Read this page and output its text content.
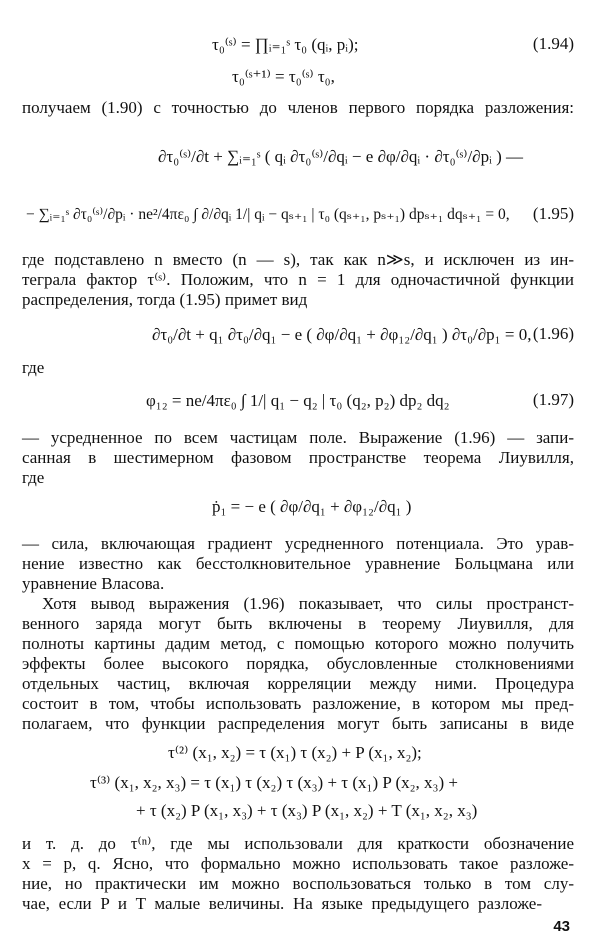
τ₀⁽ˢ⁾ = ∏ᵢ₌₁ˢ τ₀ (qᵢ, pᵢ);	(1.94)
τ₀⁽ˢ⁺¹⁾ = τ₀⁽ˢ⁾ τ₀,
получаем (1.90) с точностью до членов первого порядка разложения:
∂τ₀⁽ˢ⁾/∂t + ∑ᵢ₌₁ˢ ( qᵢ ∂τ₀⁽ˢ⁾/∂qᵢ − e ∂φ/∂qᵢ · ∂τ₀⁽ˢ⁾/∂pᵢ ) —
− ∑ᵢ₌₁ˢ ∂τ₀⁽ˢ⁾/∂pᵢ · ne²/4πε₀ ∫ ∂/∂qᵢ 1/| qᵢ − qₛ₊₁ | τ₀ (qₛ₊₁, pₛ₊₁) dpₛ₊₁ dqₛ₊₁ = 0, (1.95)
где подставлено n вместо (n — s), так как n≫s, и исключен из ин-
теграла фактор τ⁽ˢ⁾. Положим, что n = 1 для одночастичной функции
распределения, тогда (1.95) примет вид
∂τ₀/∂t + q₁ ∂τ₀/∂q₁ − e ( ∂φ/∂q₁ + ∂φ₁₂/∂q₁ ) ∂τ₀/∂p₁ = 0, (1.96)
где
φ₁₂ = ne/4πε₀ ∫ 1/| q₁ − q₂ | τ₀ (q₂, p₂) dp₂ dq₂	(1.97)
— усредненное по всем частицам поле. Выражение (1.96) — запи-
санная в шестимерном фазовом пространстве теорема Лиувилля,
где
ṗ₁ = − e ( ∂φ/∂q₁ + ∂φ₁₂/∂q₁ )
— сила, включающая градиент усредненного потенциала. Это урав-
нение известно как бесстолкновительное уравнение Больцмана или
уравнение Власова.
Хотя вывод выражения (1.96) показывает, что силы пространст-
венного заряда могут быть включены в теорему Лиувилля, для
полноты картины дадим метод, с помощью которого можно получить
эффекты более высокого порядка, обусловленные столкновениями
отдельных частиц, включая корреляции между ними. Процедура
состоит в том, чтобы использовать разложение, в котором мы пред-
полагаем, что функции распределения могут быть записаны в виде
τ⁽²⁾ (x₁, x₂) = τ (x₁) τ (x₂) + P (x₁, x₂);
τ⁽³⁾ (x₁, x₂, x₃) = τ (x₁) τ (x₂) τ (x₃) + τ (x₁) P (x₂, x₃) +
+ τ (x₂) P (x₁, x₃) + τ (x₃) P (x₁, x₂) + T (x₁, x₂, x₃)
и т. д. до τ⁽ⁿ⁾, где мы использовали для краткости обозначение
x = p, q. Ясно, что формально можно использовать такое разложе-
ние, но практически им можно воспользоваться только в том слу-
чае, если P и T малые величины. На языке предыдущего разложе-
43
